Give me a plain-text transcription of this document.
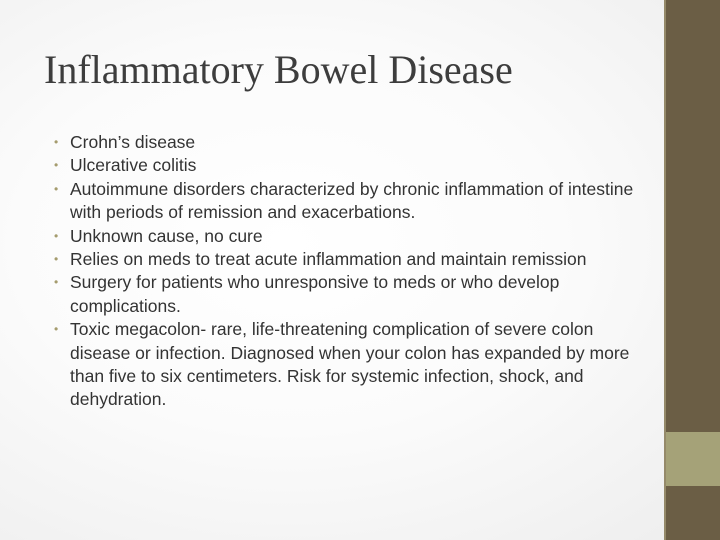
Inflammatory Bowel Disease
• Crohn’s disease
• Ulcerative colitis
• Autoimmune disorders characterized by chronic inflammation of intestine with periods of remission and exacerbations.
• Unknown cause, no cure
• Relies on meds to treat acute inflammation and maintain remission
• Surgery for patients who unresponsive to meds or who develop complications.
• Toxic megacolon- rare, life-threatening complication of severe colon disease or infection. Diagnosed when your colon has expanded by more than five to six centimeters. Risk for systemic infection, shock, and dehydration.
